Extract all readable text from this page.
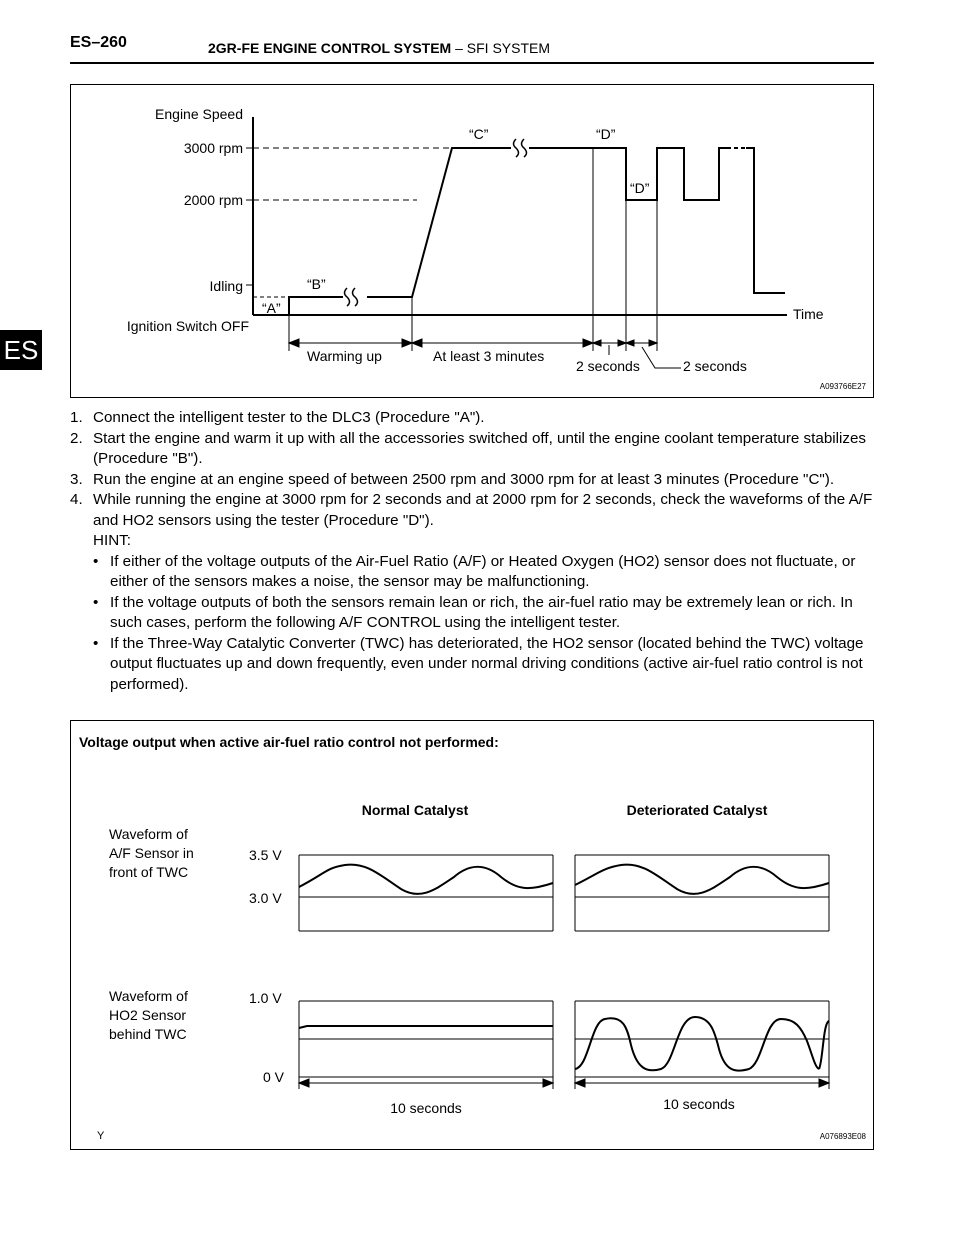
ES–260	2GR-FE ENGINE CONTROL SYSTEM – SFI SYSTEM
ES
Engine Speed
3000 rpm
2000 rpm
Idling
Ignition Switch OFF
Time
“A”
“B”
“C”	“D”
“D”
Warming up	At least 3 minutes
2 seconds	2 seconds
A093766E27
1. Connect the intelligent tester to the DLC3 (Procedure "A").
2. Start the engine and warm it up with all the accessories switched off, until the engine coolant temperature stabilizes (Procedure "B").
3. Run the engine at an engine speed of between 2500 rpm and 3000 rpm for at least 3 minutes (Procedure "C").
4. While running the engine at 3000 rpm for 2 seconds and at 2000 rpm for 2 seconds, check the waveforms of the A/F and HO2 sensors using the tester (Procedure "D").
HINT:
• If either of the voltage outputs of the Air-Fuel Ratio (A/F) or Heated Oxygen (HO2) sensor does not fluctuate, or either of the sensors makes a noise, the sensor may be malfunctioning.
• If the voltage outputs of both the sensors remain lean or rich, the air-fuel ratio may be extremely lean or rich. In such cases, perform the following A/F CONTROL using the intelligent tester.
• If the Three-Way Catalytic Converter (TWC) has deteriorated, the HO2 sensor (located behind the TWC) voltage output fluctuates up and down frequently, even under normal driving conditions (active air-fuel ratio control is not performed).
Voltage output when active air-fuel ratio control not performed:
Normal Catalyst	Deteriorated Catalyst
Waveform of
A/F Sensor in
front of TWC
Waveform of
HO2 Sensor
behind TWC
3.5 V
3.0 V
1.0 V
0 V
10 seconds	10 seconds
Y	A076893E08
